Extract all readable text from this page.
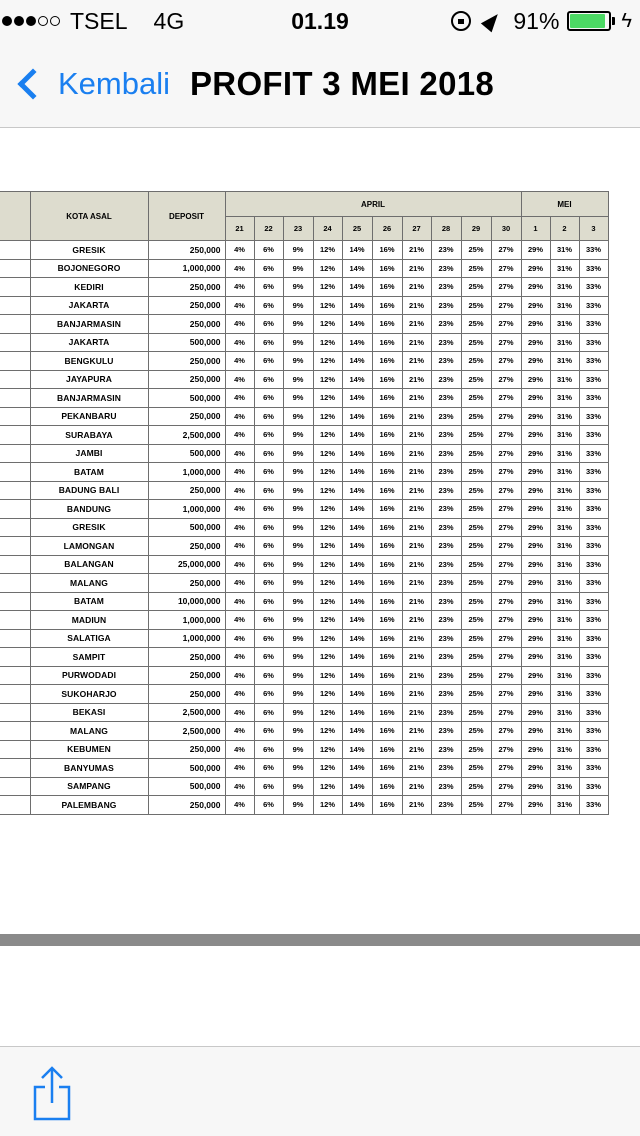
TSEL 4G	01.19	91%	ϟ
Kembali PROFIT 3 MEI 2018
	KOTA ASAL	DEPOSIT	APRIL										MEI		
			21	22	23	24	25	26	27	28	29	30	1	2	3
	GRESIK	250,000	4%	6%	9%	12%	14%	16%	21%	23%	25%	27%	29%	31%	33%
	BOJONEGORO	1,000,000	4%	6%	9%	12%	14%	16%	21%	23%	25%	27%	29%	31%	33%
	KEDIRI	250,000	4%	6%	9%	12%	14%	16%	21%	23%	25%	27%	29%	31%	33%
	JAKARTA	250,000	4%	6%	9%	12%	14%	16%	21%	23%	25%	27%	29%	31%	33%
	BANJARMASIN	250,000	4%	6%	9%	12%	14%	16%	21%	23%	25%	27%	29%	31%	33%
	JAKARTA	500,000	4%	6%	9%	12%	14%	16%	21%	23%	25%	27%	29%	31%	33%
	BENGKULU	250,000	4%	6%	9%	12%	14%	16%	21%	23%	25%	27%	29%	31%	33%
	JAYAPURA	250,000	4%	6%	9%	12%	14%	16%	21%	23%	25%	27%	29%	31%	33%
	BANJARMASIN	500,000	4%	6%	9%	12%	14%	16%	21%	23%	25%	27%	29%	31%	33%
	PEKANBARU	250,000	4%	6%	9%	12%	14%	16%	21%	23%	25%	27%	29%	31%	33%
	SURABAYA	2,500,000	4%	6%	9%	12%	14%	16%	21%	23%	25%	27%	29%	31%	33%
	JAMBI	500,000	4%	6%	9%	12%	14%	16%	21%	23%	25%	27%	29%	31%	33%
	BATAM	1,000,000	4%	6%	9%	12%	14%	16%	21%	23%	25%	27%	29%	31%	33%
	BADUNG BALI	250,000	4%	6%	9%	12%	14%	16%	21%	23%	25%	27%	29%	31%	33%
	BANDUNG	1,000,000	4%	6%	9%	12%	14%	16%	21%	23%	25%	27%	29%	31%	33%
	GRESIK	500,000	4%	6%	9%	12%	14%	16%	21%	23%	25%	27%	29%	31%	33%
	LAMONGAN	250,000	4%	6%	9%	12%	14%	16%	21%	23%	25%	27%	29%	31%	33%
	BALANGAN	25,000,000	4%	6%	9%	12%	14%	16%	21%	23%	25%	27%	29%	31%	33%
	MALANG	250,000	4%	6%	9%	12%	14%	16%	21%	23%	25%	27%	29%	31%	33%
	BATAM	10,000,000	4%	6%	9%	12%	14%	16%	21%	23%	25%	27%	29%	31%	33%
	MADIUN	1,000,000	4%	6%	9%	12%	14%	16%	21%	23%	25%	27%	29%	31%	33%
	SALATIGA	1,000,000	4%	6%	9%	12%	14%	16%	21%	23%	25%	27%	29%	31%	33%
	SAMPIT	250,000	4%	6%	9%	12%	14%	16%	21%	23%	25%	27%	29%	31%	33%
	PURWODADI	250,000	4%	6%	9%	12%	14%	16%	21%	23%	25%	27%	29%	31%	33%
	SUKOHARJO	250,000	4%	6%	9%	12%	14%	16%	21%	23%	25%	27%	29%	31%	33%
	BEKASI	2,500,000	4%	6%	9%	12%	14%	16%	21%	23%	25%	27%	29%	31%	33%
	MALANG	2,500,000	4%	6%	9%	12%	14%	16%	21%	23%	25%	27%	29%	31%	33%
	KEBUMEN	250,000	4%	6%	9%	12%	14%	16%	21%	23%	25%	27%	29%	31%	33%
	BANYUMAS	500,000	4%	6%	9%	12%	14%	16%	21%	23%	25%	27%	29%	31%	33%
	SAMPANG	500,000	4%	6%	9%	12%	14%	16%	21%	23%	25%	27%	29%	31%	33%
	PALEMBANG	250,000	4%	6%	9%	12%	14%	16%	21%	23%	25%	27%	29%	31%	33%
